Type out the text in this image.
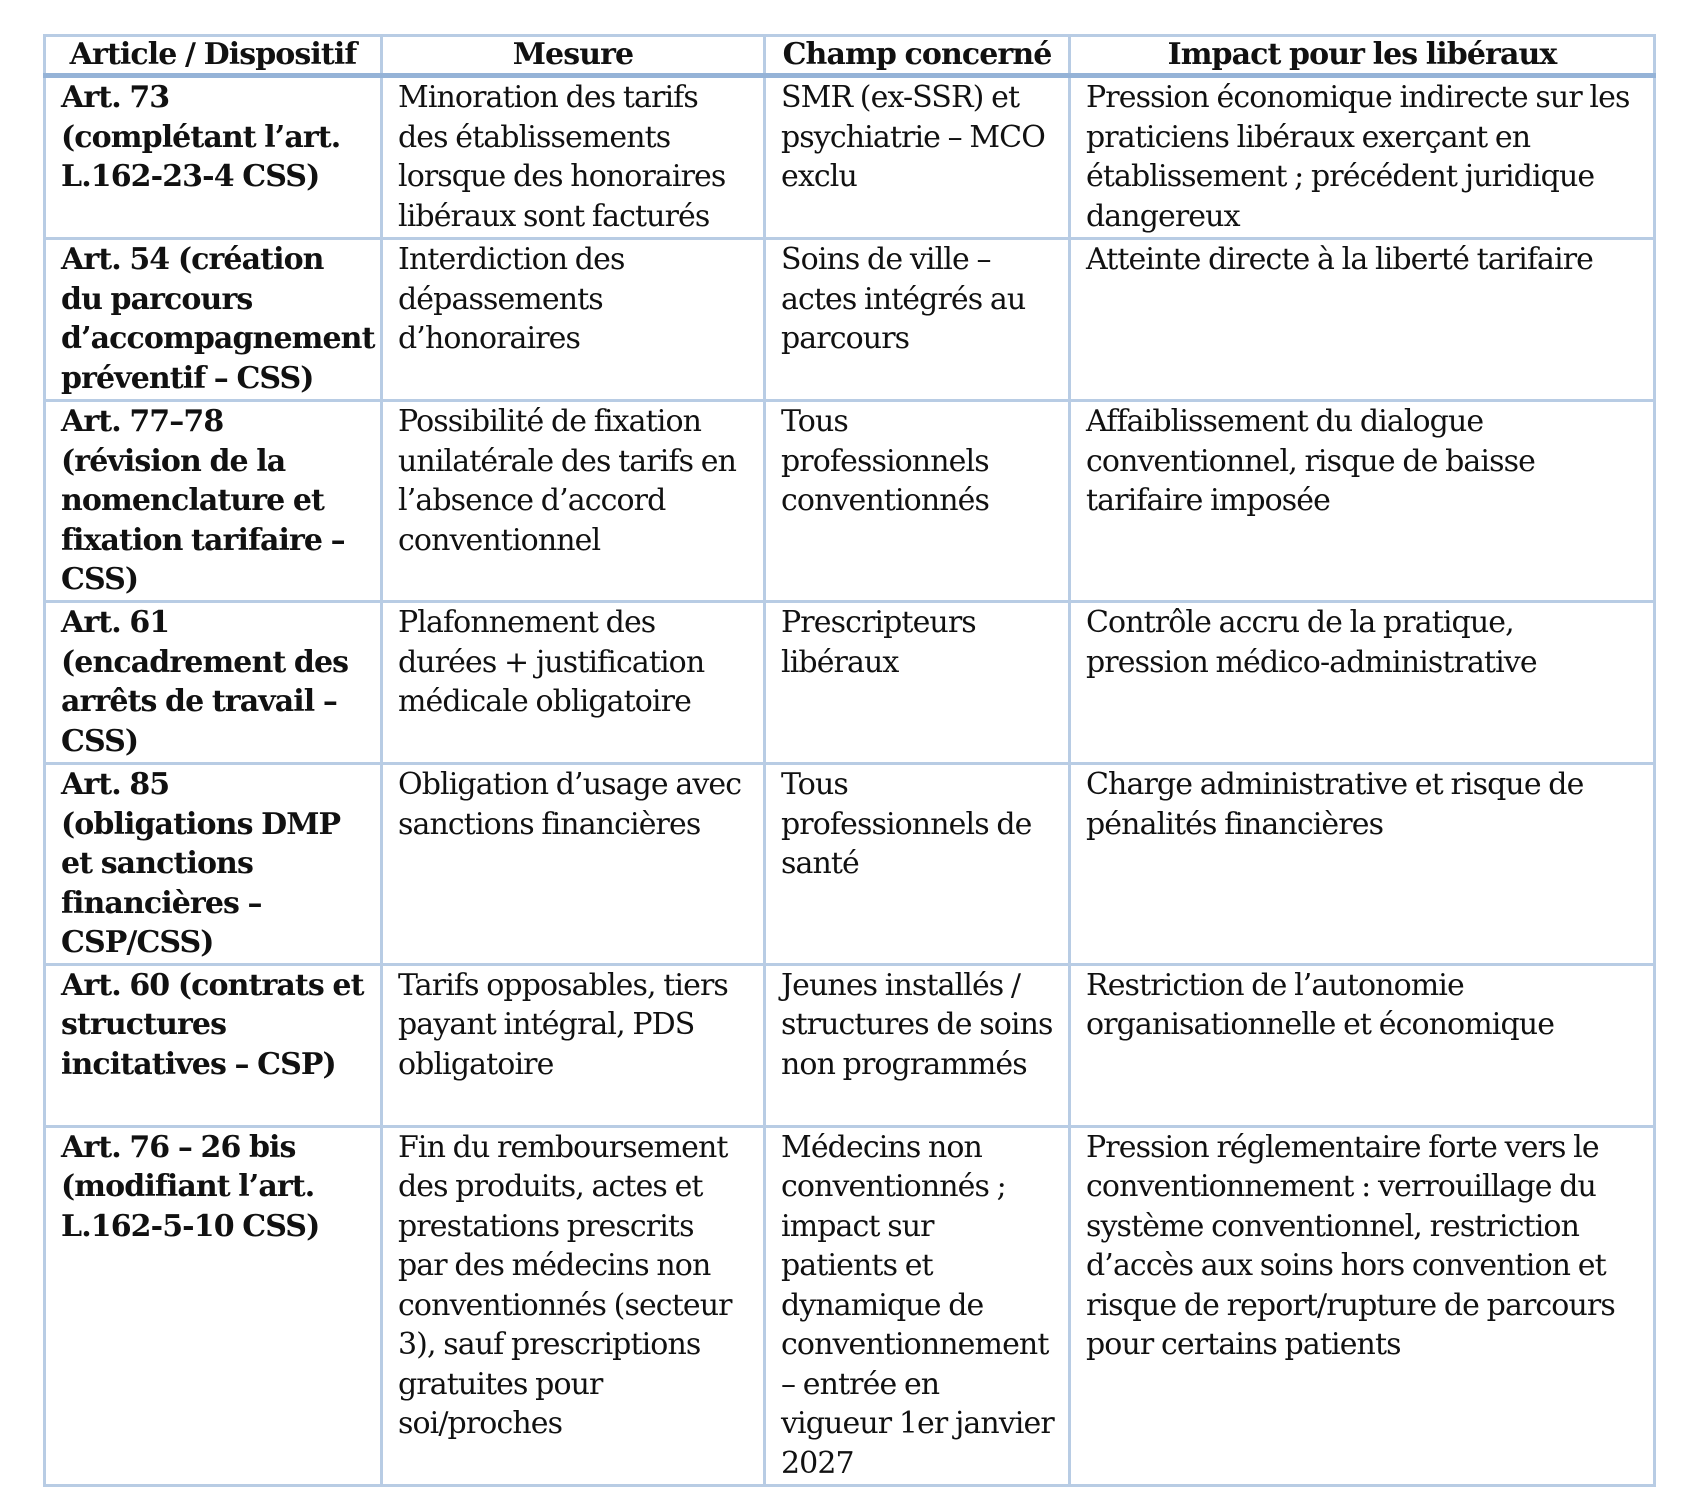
Article / Dispositif	Mesure	Champ concerné	Impact pour les libéraux
Art. 73 (complétant l’art. L.162-23-4 CSS)	Minoration des tarifs des établissements lorsque des honoraires libéraux sont facturés	SMR (ex-SSR) et psychiatrie – MCO exclu	Pression économique indirecte sur les praticiens libéraux exerçant en établissement ; précédent juridique dangereux
Art. 54 (création du parcours d’accompagnement préventif – CSS)	Interdiction des dépassements d’honoraires	Soins de ville – actes intégrés au parcours	Atteinte directe à la liberté tarifaire
Art. 77–78 (révision de la nomenclature et fixation tarifaire – CSS)	Possibilité de fixation unilatérale des tarifs en l’absence d’accord conventionnel	Tous professionnels conventionnés	Affaiblissement du dialogue conventionnel, risque de baisse tarifaire imposée
Art. 61 (encadrement des arrêts de travail – CSS)	Plafonnement des durées + justification médicale obligatoire	Prescripteurs libéraux	Contrôle accru de la pratique, pression médico-administrative
Art. 85 (obligations DMP et sanctions financières – CSP/CSS)	Obligation d’usage avec sanctions financières	Tous professionnels de santé	Charge administrative et risque de pénalités financières
Art. 60 (contrats et structures incitatives – CSP)	Tarifs opposables, tiers payant intégral, PDS obligatoire	Jeunes installés / structures de soins non programmés	Restriction de l’autonomie organisationnelle et économique
Art. 76 – 26 bis (modifiant l’art. L.162-5-10 CSS)	Fin du remboursement des produits, actes et prestations prescrits par des médecins non conventionnés (secteur 3), sauf prescriptions gratuites pour soi/proches	Médecins non conventionnés ; impact sur patients et dynamique de conventionnement – entrée en vigueur 1er janvier 2027	Pression réglementaire forte vers le conventionnement : verrouillage du système conventionnel, restriction d’accès aux soins hors convention et risque de report/rupture de parcours pour certains patients
